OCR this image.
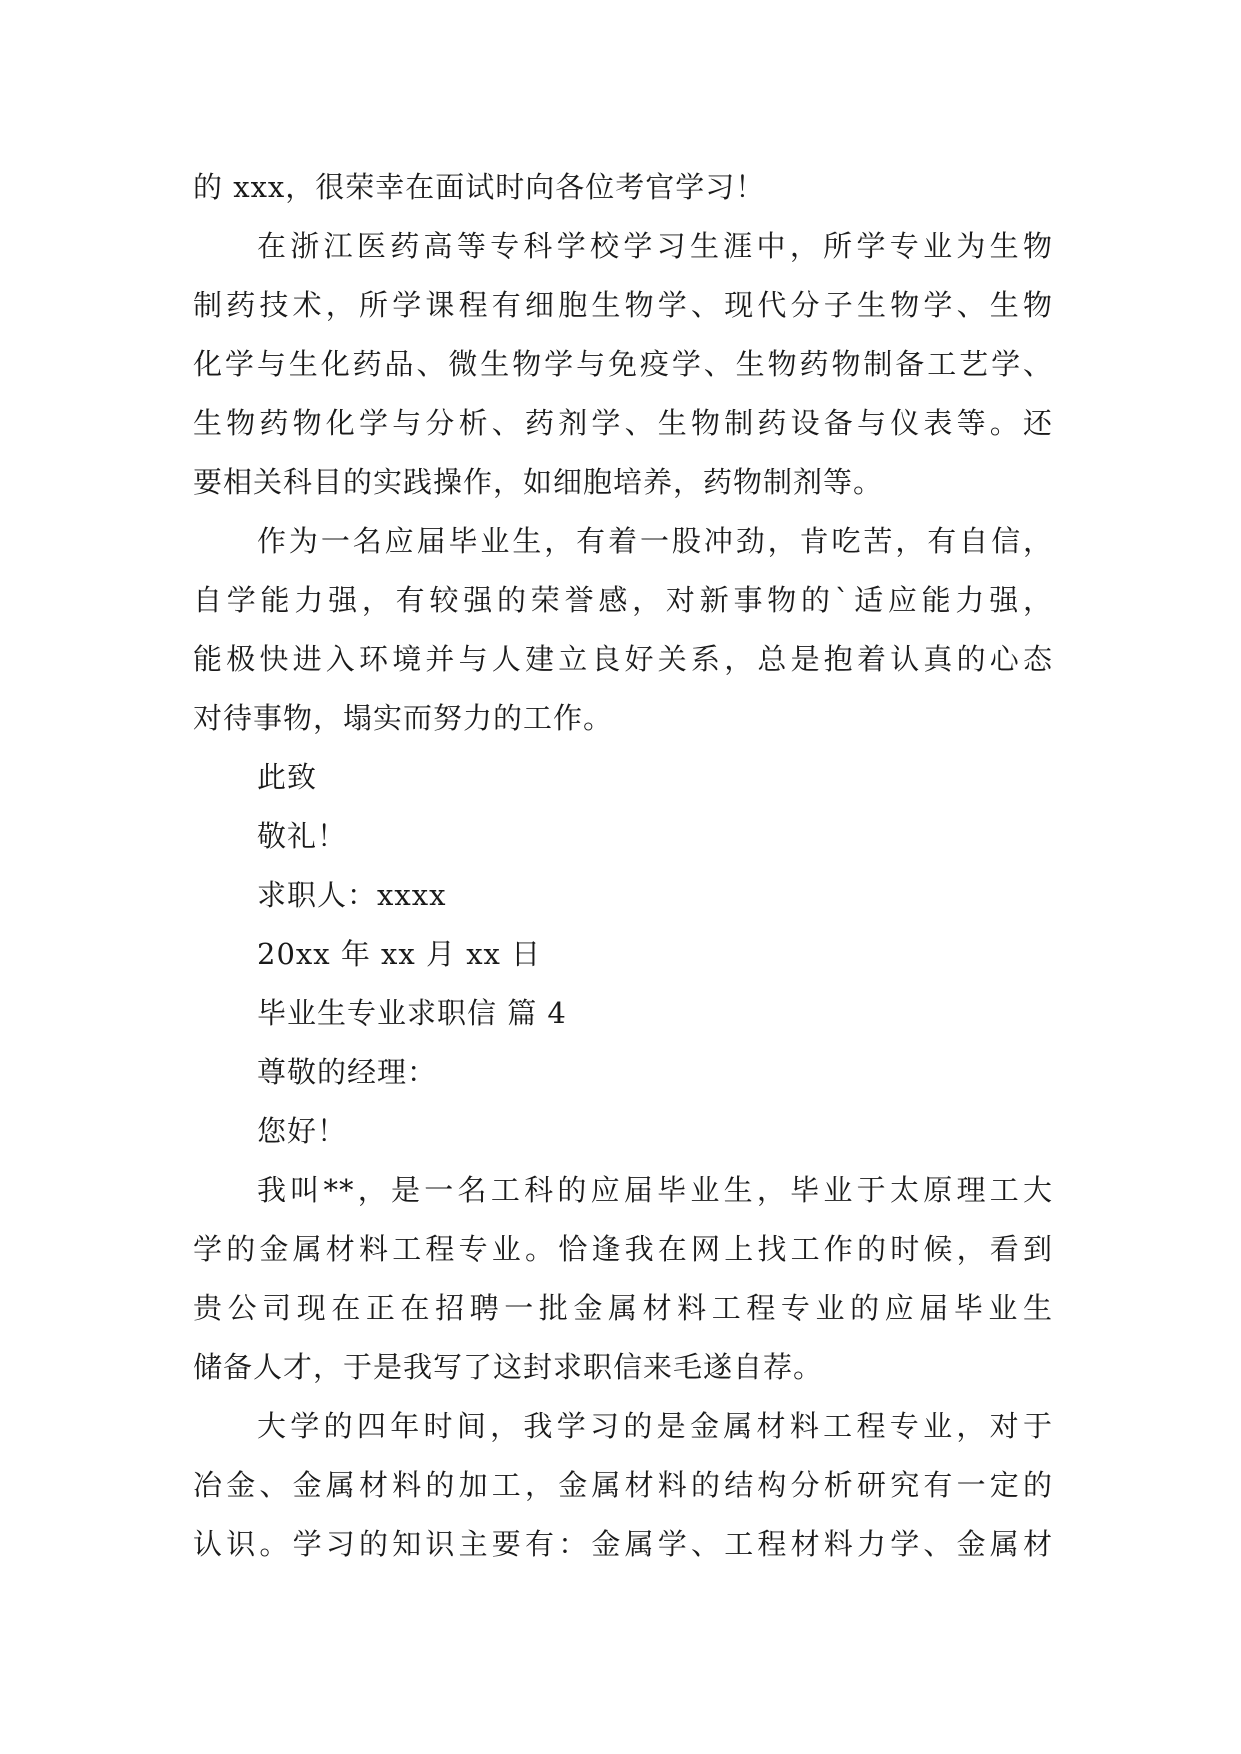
的 xxx，很荣幸在面试时向各位考官学习！
在浙江医药高等专科学校学习生涯中，所学专业为生物
制药技术，所学课程有细胞生物学、现代分子生物学、生物
化学与生化药品、微生物学与免疫学、生物药物制备工艺学、
生物药物化学与分析、药剂学、生物制药设备与仪表等。还
要相关科目的实践操作，如细胞培养，药物制剂等。
作为一名应届毕业生，有着一股冲劲，肯吃苦，有自信，
自学能力强，有较强的荣誉感，对新事物的`适应能力强，
能极快进入环境并与人建立良好关系，总是抱着认真的心态
对待事物，塌实而努力的工作。
此致
敬礼！
求职人：xxxx
20xx 年 xx 月 xx 日
毕业生专业求职信 篇 4
尊敬的经理：
您好！
我叫**，是一名工科的应届毕业生，毕业于太原理工大
学的金属材料工程专业。恰逢我在网上找工作的时候，看到
贵公司现在正在招聘一批金属材料工程专业的应届毕业生
储备人才，于是我写了这封求职信来毛遂自荐。
大学的四年时间，我学习的是金属材料工程专业，对于
冶金、金属材料的加工，金属材料的结构分析研究有一定的
认识。学习的知识主要有：金属学、工程材料力学、金属材
